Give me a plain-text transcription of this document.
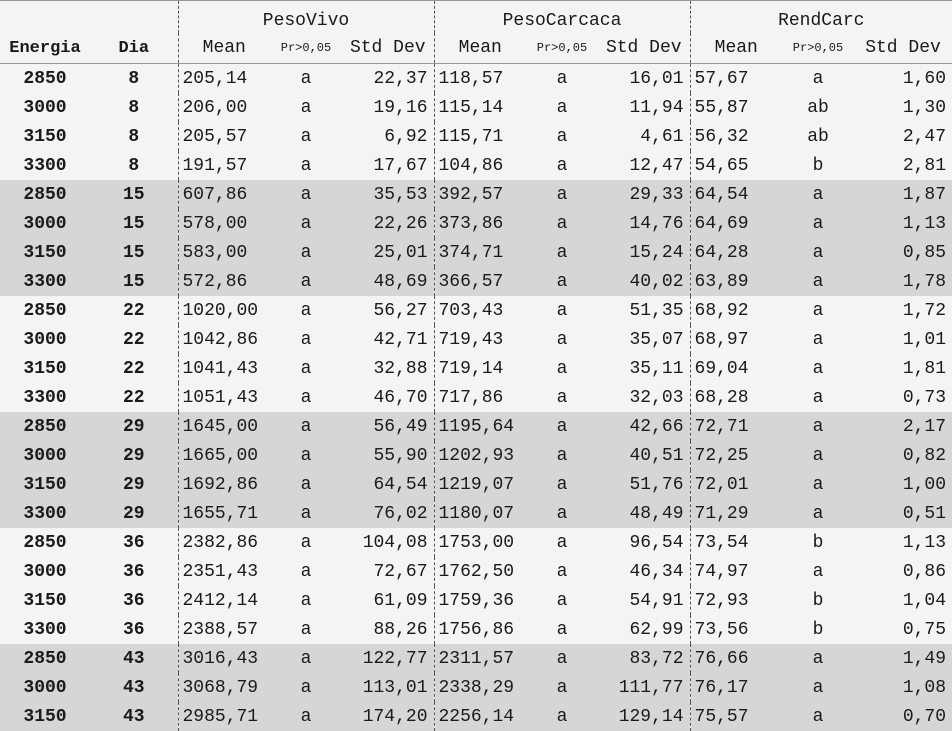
		PesoVivo			PesoCarcaca			RendCarc		
Energia	Dia	Mean	Pr>0,05	Std Dev	Mean	Pr>0,05	Std Dev	Mean	Pr>0,05	Std Dev
2850	8	205,14	a	22,37	118,57	a	16,01	57,67	a	1,60
3000	8	206,00	a	19,16	115,14	a	11,94	55,87	ab	1,30
3150	8	205,57	a	6,92	115,71	a	4,61	56,32	ab	2,47
3300	8	191,57	a	17,67	104,86	a	12,47	54,65	b	2,81
2850	15	607,86	a	35,53	392,57	a	29,33	64,54	a	1,87
3000	15	578,00	a	22,26	373,86	a	14,76	64,69	a	1,13
3150	15	583,00	a	25,01	374,71	a	15,24	64,28	a	0,85
3300	15	572,86	a	48,69	366,57	a	40,02	63,89	a	1,78
2850	22	1020,00	a	56,27	703,43	a	51,35	68,92	a	1,72
3000	22	1042,86	a	42,71	719,43	a	35,07	68,97	a	1,01
3150	22	1041,43	a	32,88	719,14	a	35,11	69,04	a	1,81
3300	22	1051,43	a	46,70	717,86	a	32,03	68,28	a	0,73
2850	29	1645,00	a	56,49	1195,64	a	42,66	72,71	a	2,17
3000	29	1665,00	a	55,90	1202,93	a	40,51	72,25	a	0,82
3150	29	1692,86	a	64,54	1219,07	a	51,76	72,01	a	1,00
3300	29	1655,71	a	76,02	1180,07	a	48,49	71,29	a	0,51
2850	36	2382,86	a	104,08	1753,00	a	96,54	73,54	b	1,13
3000	36	2351,43	a	72,67	1762,50	a	46,34	74,97	a	0,86
3150	36	2412,14	a	61,09	1759,36	a	54,91	72,93	b	1,04
3300	36	2388,57	a	88,26	1756,86	a	62,99	73,56	b	0,75
2850	43	3016,43	a	122,77	2311,57	a	83,72	76,66	a	1,49
3000	43	3068,79	a	113,01	2338,29	a	111,77	76,17	a	1,08
3150	43	2985,71	a	174,20	2256,14	a	129,14	75,57	a	0,70
